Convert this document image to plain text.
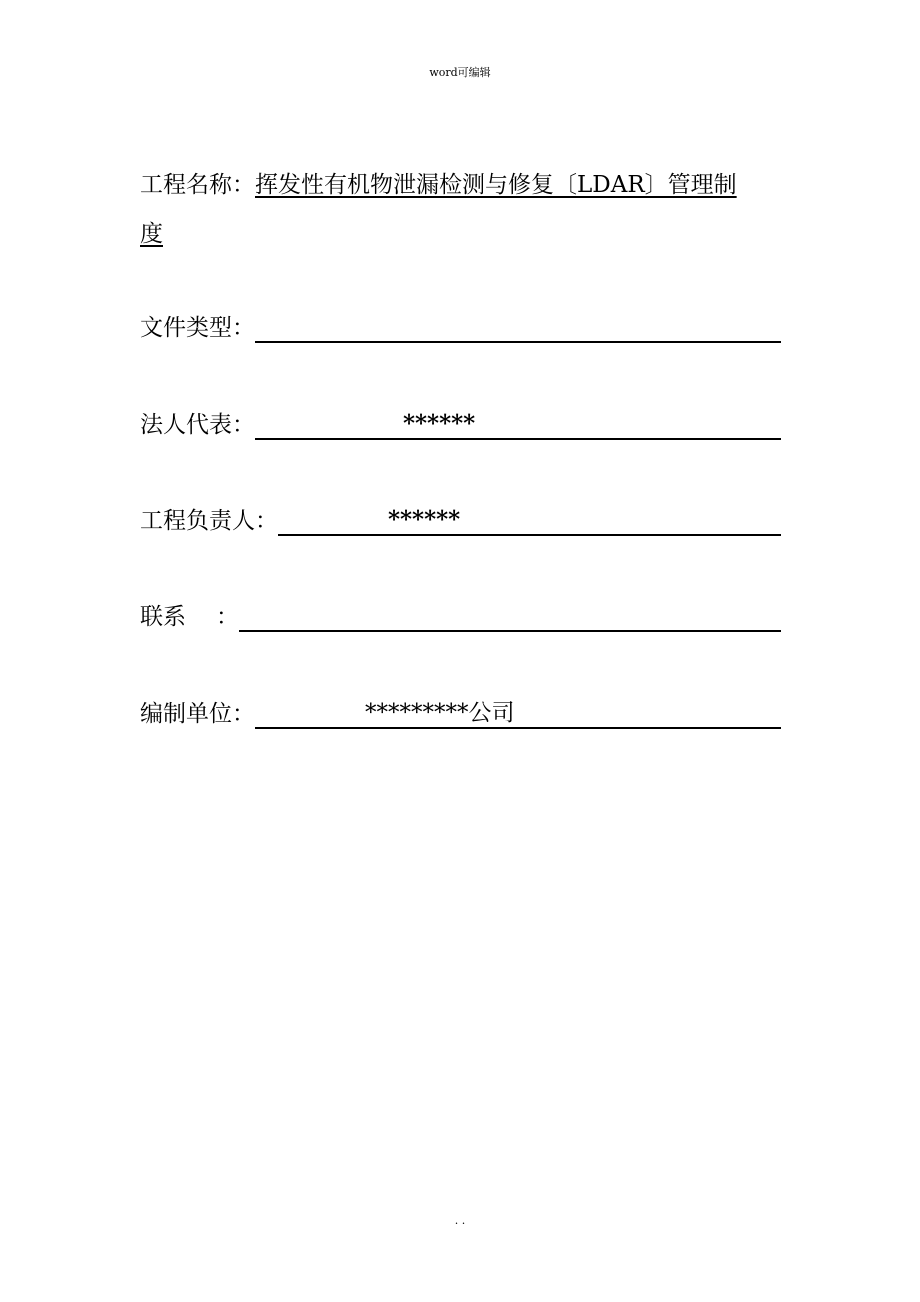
word可编辑
工程名称：挥发性有机物泄漏检测与修复〔LDAR〕管理制
度
文件类型：
法人代表：	******
工程负责人：	******
联系 ：
编制单位：	*********公司
. .
